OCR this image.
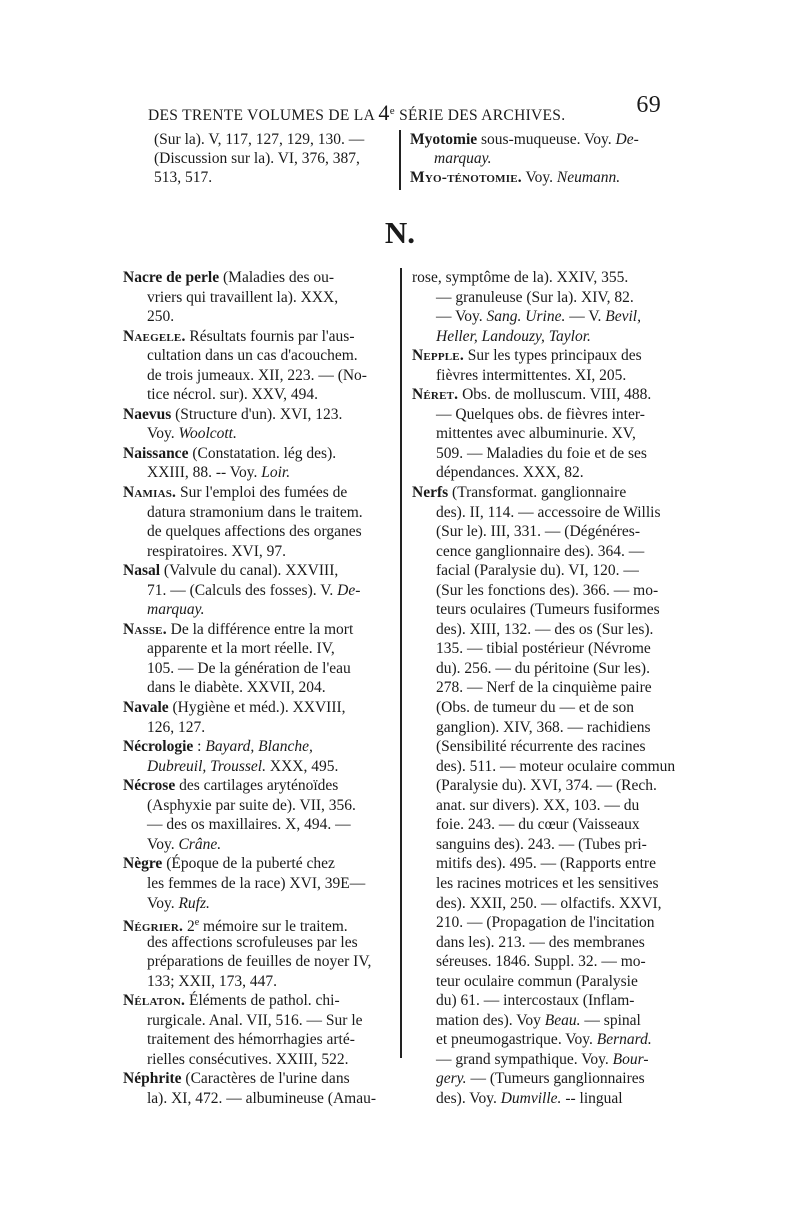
DES TRENTE VOLUMES DE LA 4e SÉRIE DES ARCHIVES.	69
(Sur la). V, 117, 127, 129, 130. —
(Discussion sur la). VI, 376, 387,
513, 517.
Myotomie sous-muqueuse. Voy. De-
marquay.
Myo-ténotomie. Voy. Neumann.
N.
Nacre de perle (Maladies des ou-
vriers qui travaillent la). XXX,
250.
Naegele. Résultats fournis par l'aus-
cultation dans un cas d'acouchem.
de trois jumeaux. XII, 223. — (No-
tice nécrol. sur). XXV, 494.
Naevus (Structure d'un). XVI, 123.
Voy. Woolcott.
Naissance (Constatation. lég des).
XXIII, 88. -- Voy. Loir.
Namias. Sur l'emploi des fumées de
datura stramonium dans le traitem.
de quelques affections des organes
respiratoires. XVI, 97.
Nasal (Valvule du canal). XXVIII,
71. — (Calculs des fosses). V. De-
marquay.
Nasse. De la différence entre la mort
apparente et la mort réelle. IV,
105. — De la génération de l'eau
dans le diabète. XXVII, 204.
Navale (Hygiène et méd.). XXVIII,
126, 127.
Nécrologie : Bayard, Blanche,
Dubreuil, Troussel. XXX, 495.
Nécrose des cartilages aryténoïdes
(Asphyxie par suite de). VII, 356.
— des os maxillaires. X, 494. —
Voy. Crâne.
Nègre (Époque de la puberté chez
les femmes de la race) XVI, 39E—
Voy. Rufz.
Négrier. 2e mémoire sur le traitem.
des affections scrofuleuses par les
préparations de feuilles de noyer IV,
133; XXII, 173, 447.
Nélaton. Éléments de pathol. chi-
rurgicale. Anal. VII, 516. — Sur le
traitement des hémorrhagies arté-
rielles consécutives. XXIII, 522.
Néphrite (Caractères de l'urine dans
la). XI, 472. — albumineuse (Amau-
rose, symptôme de la). XXIV, 355.
— granuleuse (Sur la). XIV, 82.
— Voy. Sang. Urine. — V. Bevil,
Heller, Landouzy, Taylor.
Nepple. Sur les types principaux des
fièvres intermittentes. XI, 205.
Néret. Obs. de molluscum. VIII, 488.
— Quelques obs. de fièvres inter-
mittentes avec albuminurie. XV,
509. — Maladies du foie et de ses
dépendances. XXX, 82.
Nerfs (Transformat. ganglionnaire
des). II, 114. — accessoire de Willis
(Sur le). III, 331. — (Dégénéres-
cence ganglionnaire des). 364. —
facial (Paralysie du). VI, 120. —
(Sur les fonctions des). 366. — mo-
teurs oculaires (Tumeurs fusiformes
des). XIII, 132. — des os (Sur les).
135. — tibial postérieur (Névrome
du). 256. — du péritoine (Sur les).
278. — Nerf de la cinquième paire
(Obs. de tumeur du — et de son
ganglion). XIV, 368. — rachidiens
(Sensibilité récurrente des racines
des). 511. — moteur oculaire commun
(Paralysie du). XVI, 374. — (Rech.
anat. sur divers). XX, 103. — du
foie. 243. — du cœur (Vaisseaux
sanguins des). 243. — (Tubes pri-
mitifs des). 495. — (Rapports entre
les racines motrices et les sensitives
des). XXII, 250. — olfactifs. XXVI,
210. — (Propagation de l'incitation
dans les). 213. — des membranes
séreuses. 1846. Suppl. 32. — mo-
teur oculaire commun (Paralysie
du) 61. — intercostaux (Inflam-
mation des). Voy Beau. — spinal
et pneumogastrique. Voy. Bernard.
— grand sympathique. Voy. Bour-
gery. — (Tumeurs ganglionnaires
des). Voy. Dumville. -- lingual
